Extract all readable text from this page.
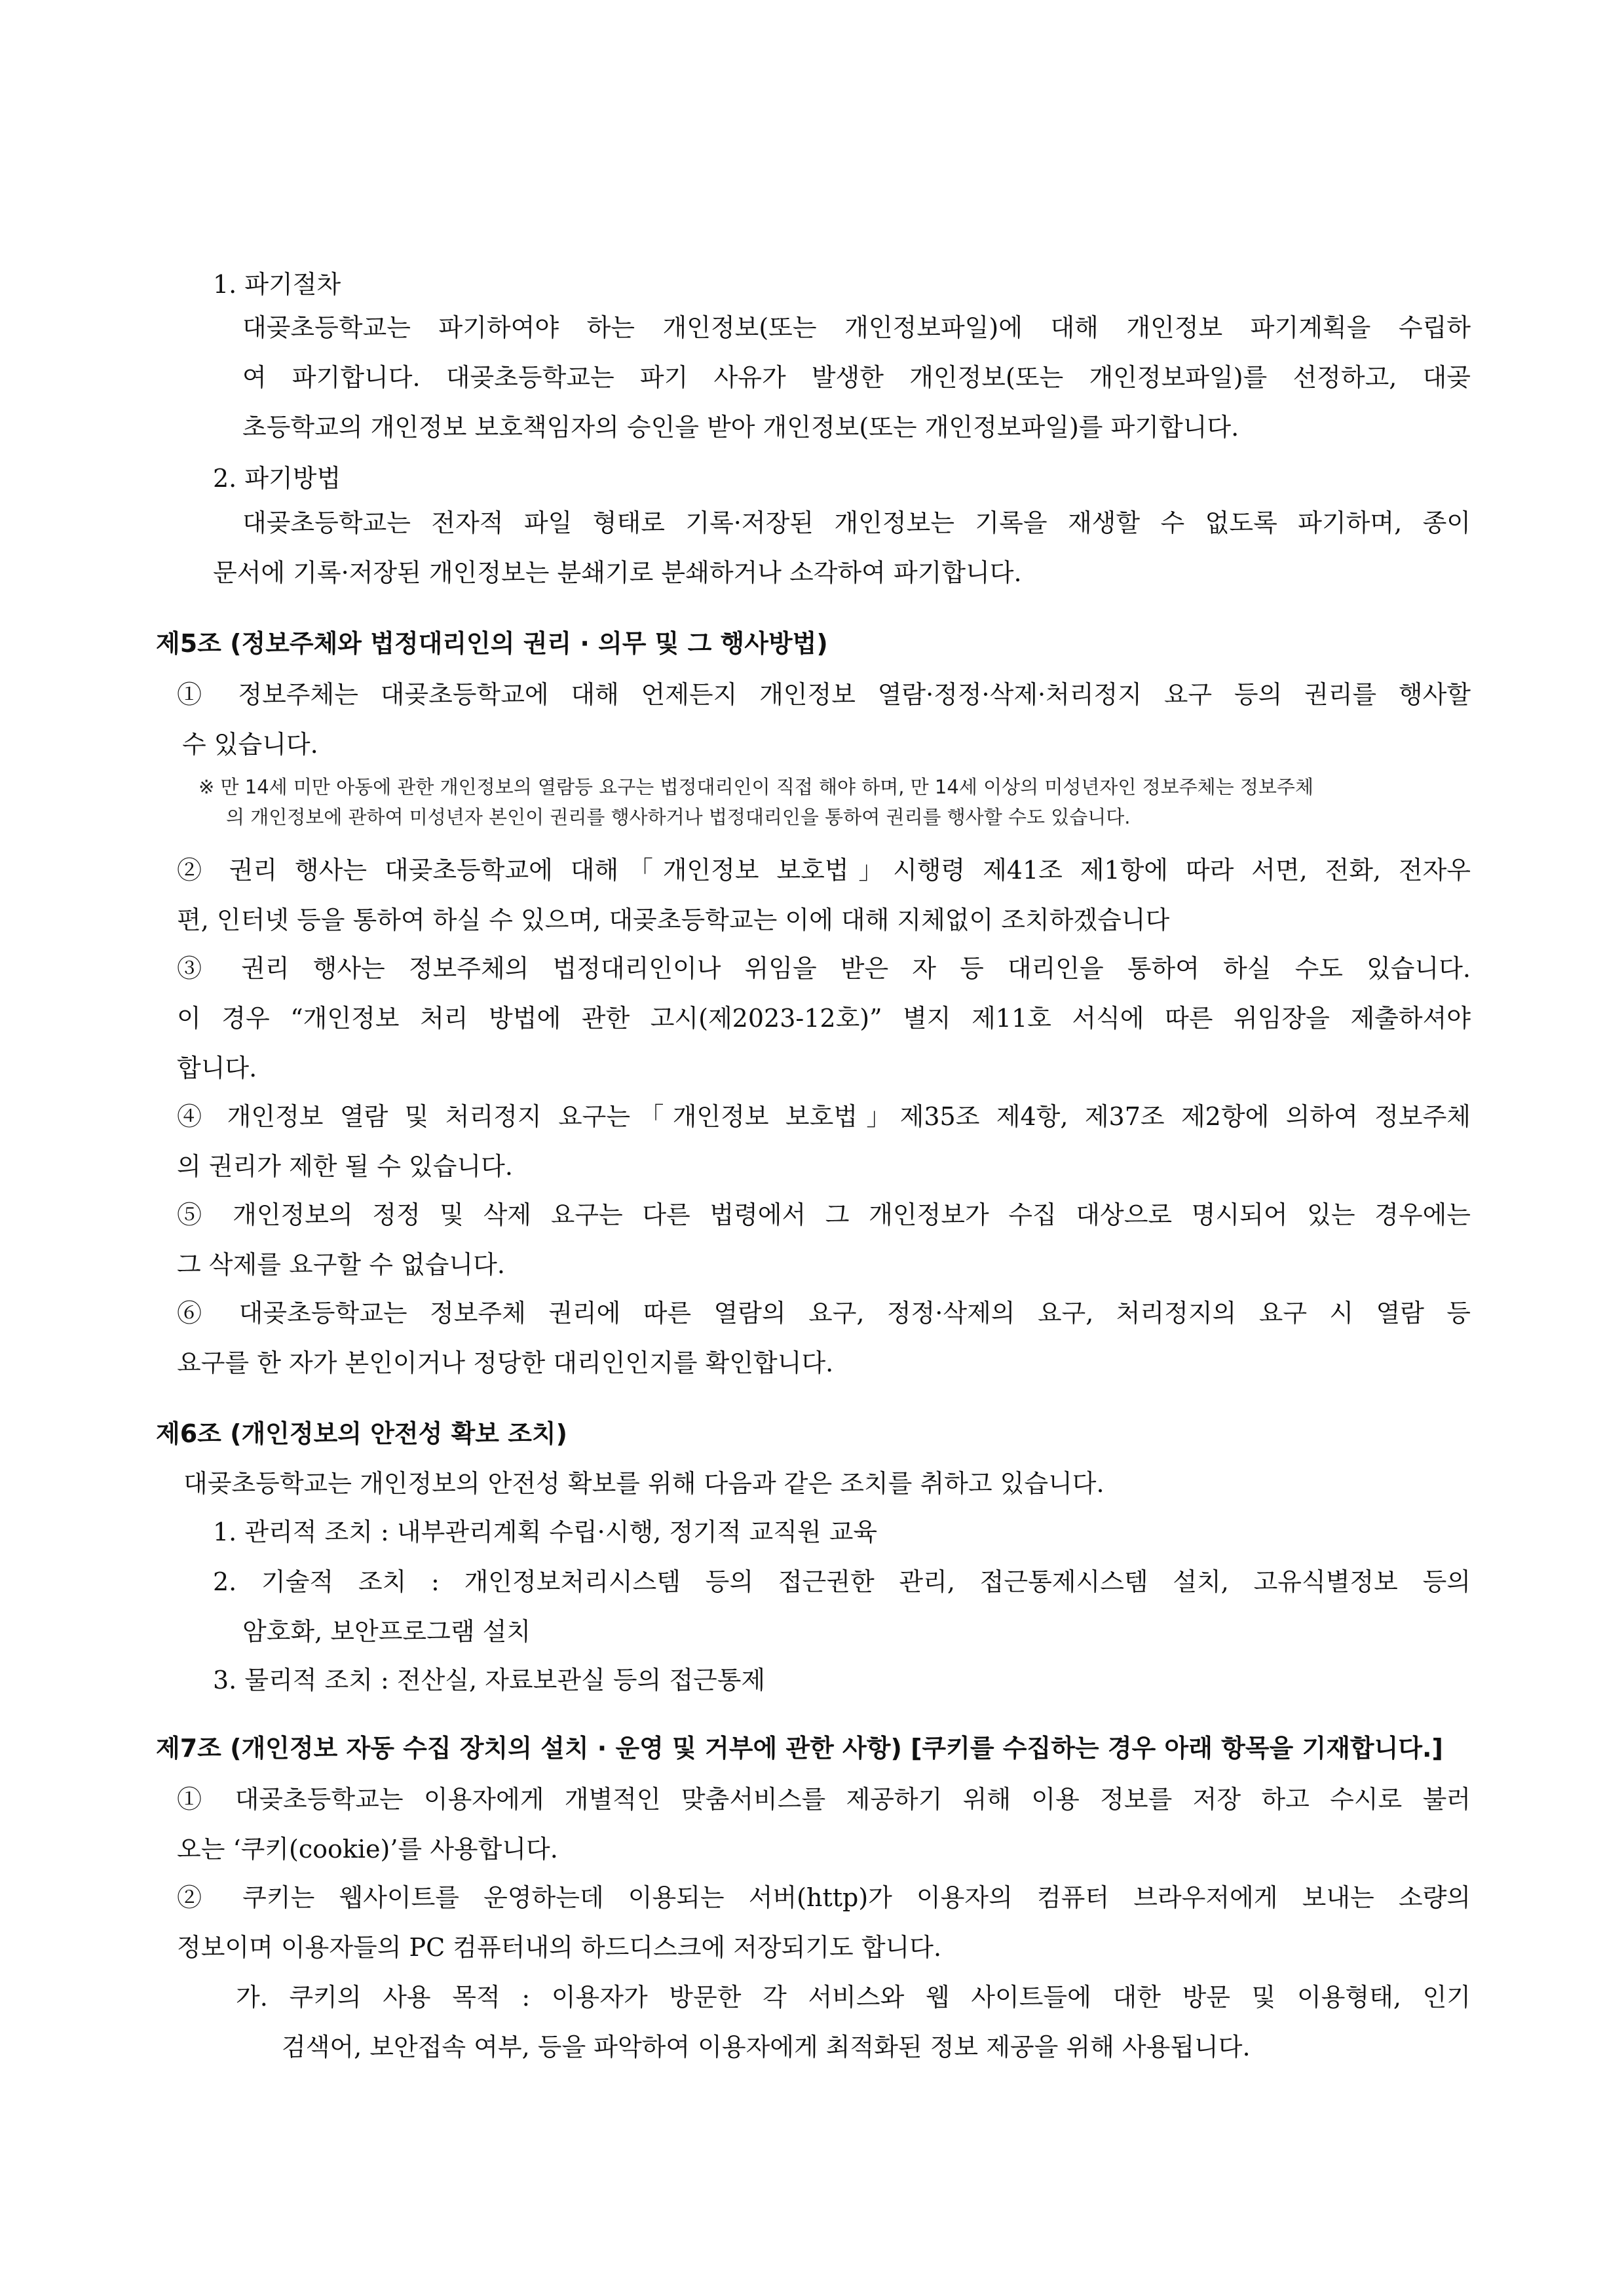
1. 파기절차

대곶초등학교는 파기하여야 하는 개인정보(또는 개인정보파일)에 대해 개인정보 파기계획을 수립하

여 파기합니다. 대곶초등학교는 파기 사유가 발생한 개인정보(또는 개인정보파일)를 선정하고, 대곶

초등학교의 개인정보 보호책임자의 승인을 받아 개인정보(또는 개인정보파일)를 파기합니다.

2. 파기방법

대곶초등학교는 전자적 파일 형태로 기록·저장된 개인정보는 기록을 재생할 수 없도록 파기하며, 종이

문서에 기록·저장된 개인정보는 분쇄기로 분쇄하거나 소각하여 파기합니다.

제5조 (정보주체와 법정대리인의 권리 · 의무 및 그 행사방법)

① 정보주체는 대곶초등학교에 대해 언제든지 개인정보 열람·정정·삭제·처리정지 요구 등의 권리를 행사할

수 있습니다.

※ 만 14세 미만 아동에 관한 개인정보의 열람등 요구는 법정대리인이 직접 해야 하며, 만 14세 이상의 미성년자인 정보주체는 정보주체

의 개인정보에 관하여 미성년자 본인이 권리를 행사하거나 법정대리인을 통하여 권리를 행사할 수도 있습니다.

② 권리 행사는 대곶초등학교에 대해「개인정보 보호법」시행령 제41조 제1항에 따라 서면, 전화, 전자우

편, 인터넷 등을 통하여 하실 수 있으며, 대곶초등학교는 이에 대해 지체없이 조치하겠습니다

③ 권리 행사는 정보주체의 법정대리인이나 위임을 받은 자 등 대리인을 통하여 하실 수도 있습니다.

이 경우 “개인정보 처리 방법에 관한 고시(제2023-12호)” 별지 제11호 서식에 따른 위임장을 제출하셔야

합니다.

④ 개인정보 열람 및 처리정지 요구는「개인정보 보호법」제35조 제4항, 제37조 제2항에 의하여 정보주체

의 권리가 제한 될 수 있습니다.

⑤ 개인정보의 정정 및 삭제 요구는 다른 법령에서 그 개인정보가 수집 대상으로 명시되어 있는 경우에는

그 삭제를 요구할 수 없습니다.

⑥ 대곶초등학교는 정보주체 권리에 따른 열람의 요구, 정정·삭제의 요구, 처리정지의 요구 시 열람 등

요구를 한 자가 본인이거나 정당한 대리인인지를 확인합니다.

제6조 (개인정보의 안전성 확보 조치)

대곶초등학교는 개인정보의 안전성 확보를 위해 다음과 같은 조치를 취하고 있습니다.

1. 관리적 조치 : 내부관리계획 수립·시행, 정기적 교직원 교육

2. 기술적 조치 : 개인정보처리시스템 등의 접근권한 관리, 접근통제시스템 설치, 고유식별정보 등의

암호화, 보안프로그램 설치

3. 물리적 조치 : 전산실, 자료보관실 등의 접근통제

제7조 (개인정보 자동 수집 장치의 설치 · 운영 및 거부에 관한 사항) [쿠키를 수집하는 경우 아래 항목을 기재합니다.]

① 대곶초등학교는 이용자에게 개별적인 맞춤서비스를 제공하기 위해 이용 정보를 저장 하고 수시로 불러

오는 ‘쿠키(cookie)’를 사용합니다.

② 쿠키는 웹사이트를 운영하는데 이용되는 서버(http)가 이용자의 컴퓨터 브라우저에게 보내는 소량의

정보이며 이용자들의 PC 컴퓨터내의 하드디스크에 저장되기도 합니다.

가. 쿠키의 사용 목적 : 이용자가 방문한 각 서비스와 웹 사이트들에 대한 방문 및 이용형태, 인기

검색어, 보안접속 여부, 등을 파악하여 이용자에게 최적화된 정보 제공을 위해 사용됩니다.
